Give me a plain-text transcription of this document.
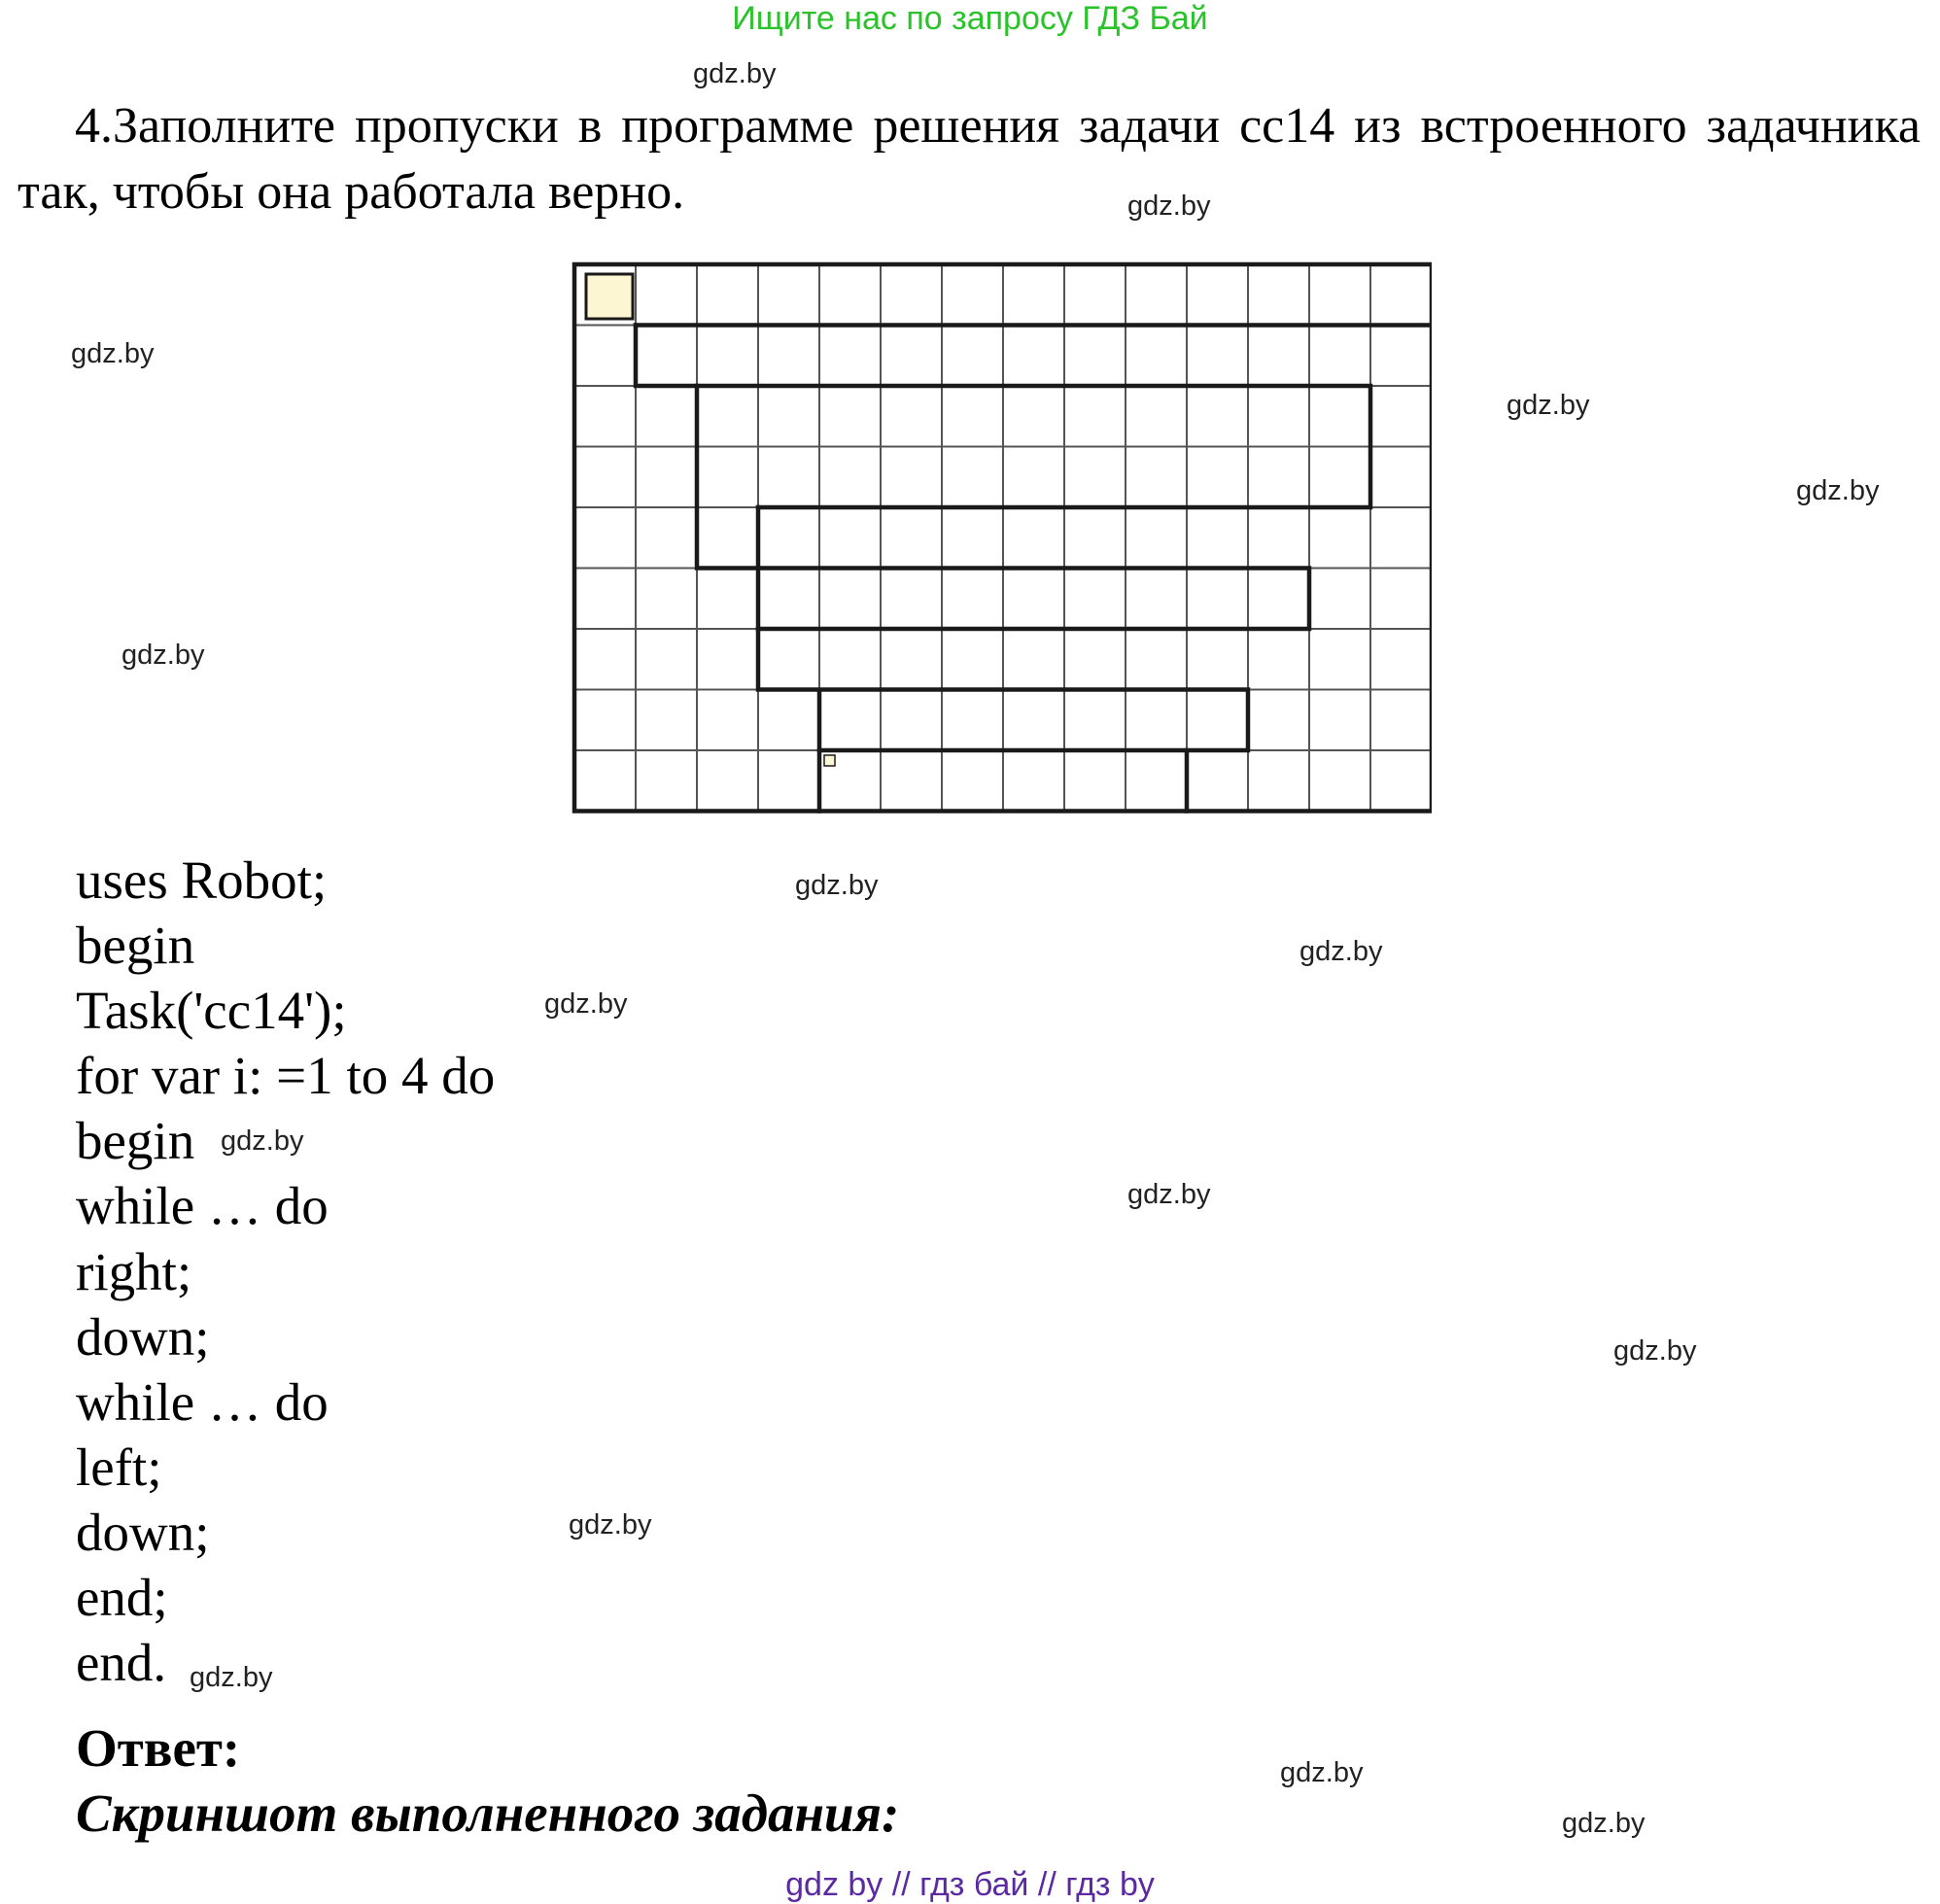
Ищите нас по запросу ГДЗ Бай
gdz.by
gdz.by
gdz.by
gdz.by
gdz.by
gdz.by
gdz.by
gdz.by
gdz.by
gdz.by
gdz.by
gdz.by
gdz.by
gdz.by
gdz.by
gdz.by
4.Заполните пропуски в программе решения задачи cc14 из встроенного задачника так, чтобы она работала верно.
uses Robot;
begin
Task('cc14');
for var i: =1 to 4 do
begin
while … do
right;
down;
while … do
left;
down;
end;
end.
Ответ:
Скриншот выполненного задания:
gdz by // гдз бай // гдз by
